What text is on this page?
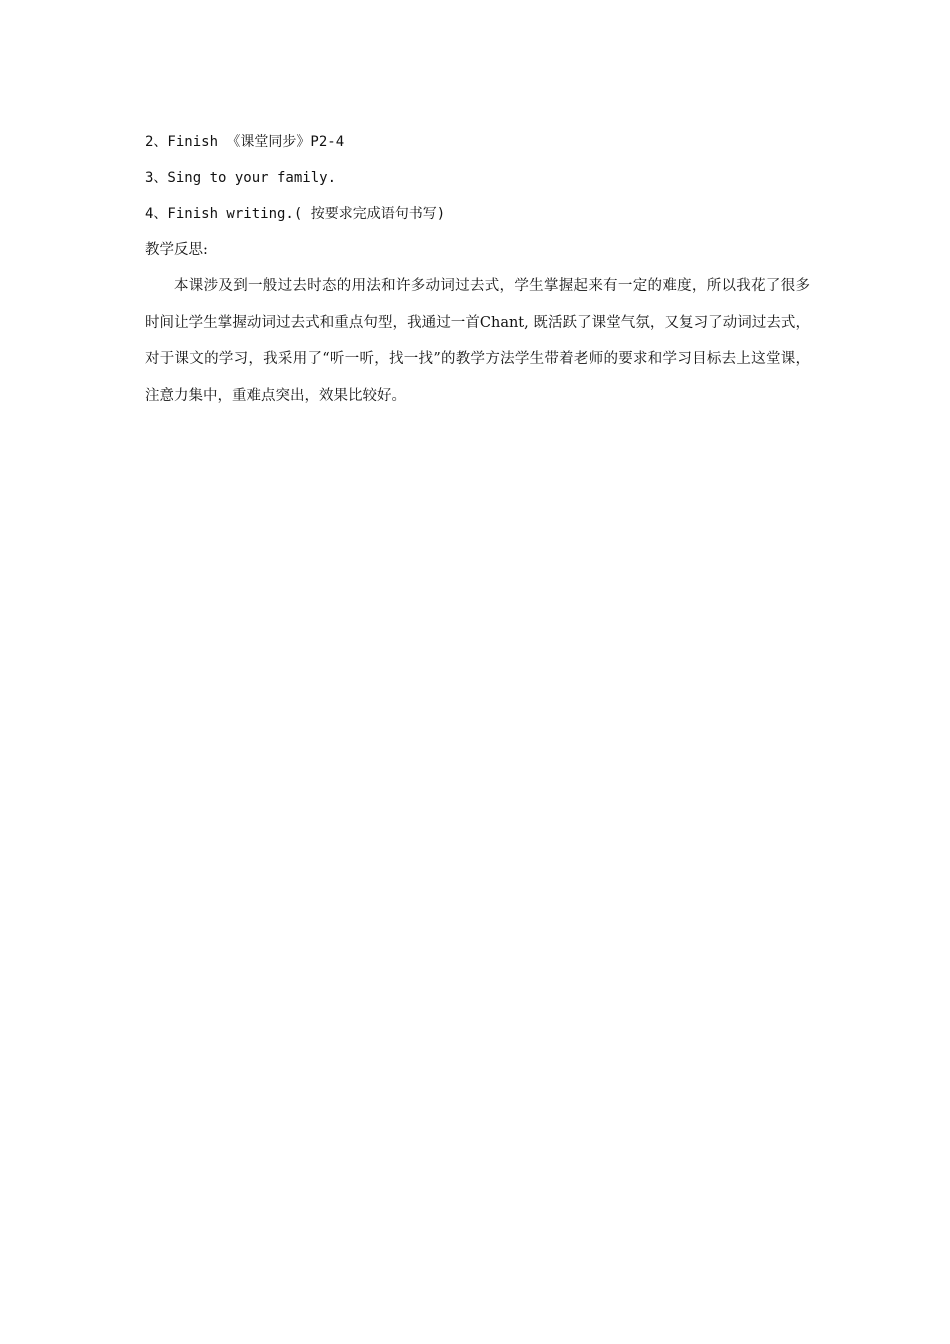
2、Finish 《课堂同步》P2-4
3、Sing to your family.
4、Finish writing.( 按要求完成语句书写)
教学反思:

本课涉及到一般过去时态的用法和许多动词过去式，学生掌握起来有一定的难度，所以我花了很多时间让学生掌握动词过去式和重点句型，我通过一首Chant, 既活跃了课堂气氛，又复习了动词过去式，对于课文的学习，我采用了“听一听，找一找”的教学方法学生带着老师的要求和学习目标去上这堂课，注意力集中，重难点突出，效果比较好。
